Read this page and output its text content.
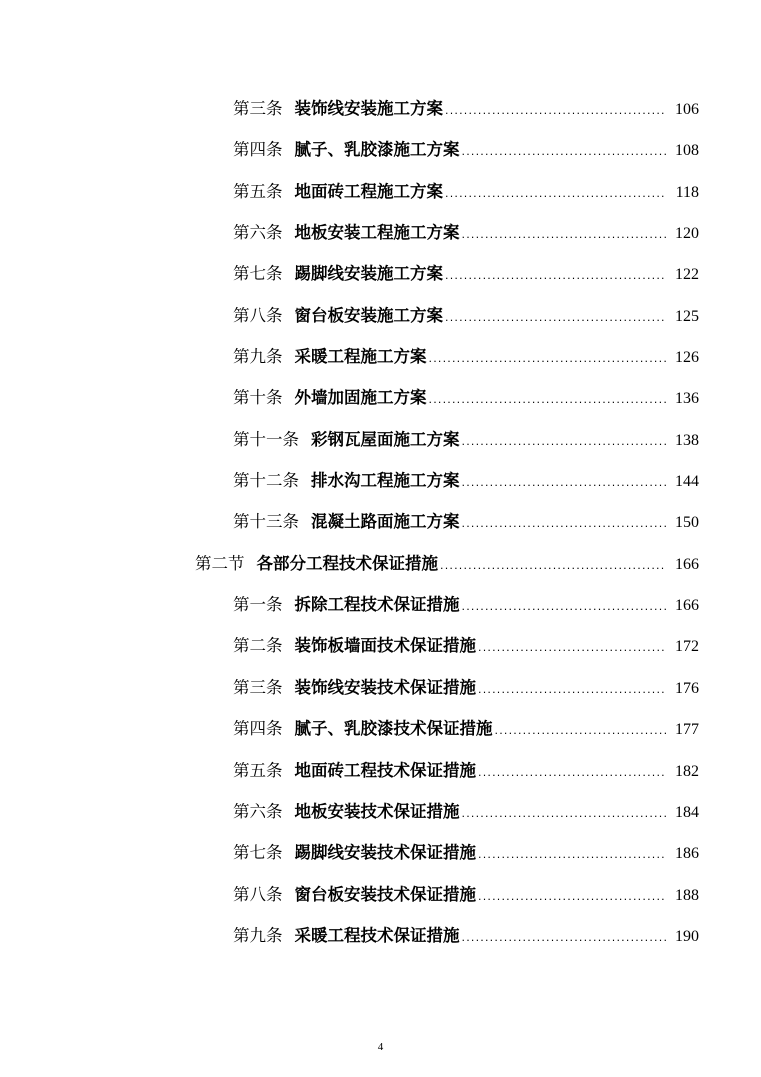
第三条 装饰线安装施工方案 .....	106
第四条 腻子、乳胶漆施工方案 .....	108
第五条 地面砖工程施工方案 .....	118
第六条 地板安装工程施工方案 .....	120
第七条 踢脚线安装施工方案 .....	122
第八条 窗台板安装施工方案 .....	125
第九条 采暖工程施工方案 .....	126
第十条 外墙加固施工方案 .....	136
第十一条 彩钢瓦屋面施工方案 .....	138
第十二条 排水沟工程施工方案 .....	144
第十三条 混凝土路面施工方案 .....	150
第二节 各部分工程技术保证措施 .....	166
第一条 拆除工程技术保证措施 .....	166
第二条 装饰板墙面技术保证措施 .....	172
第三条 装饰线安装技术保证措施 .....	176
第四条 腻子、乳胶漆技术保证措施 .....	177
第五条 地面砖工程技术保证措施 .....	182
第六条 地板安装技术保证措施 .....	184
第七条 踢脚线安装技术保证措施 .....	186
第八条 窗台板安装技术保证措施 .....	188
第九条 采暖工程技术保证措施 .....	190
4
